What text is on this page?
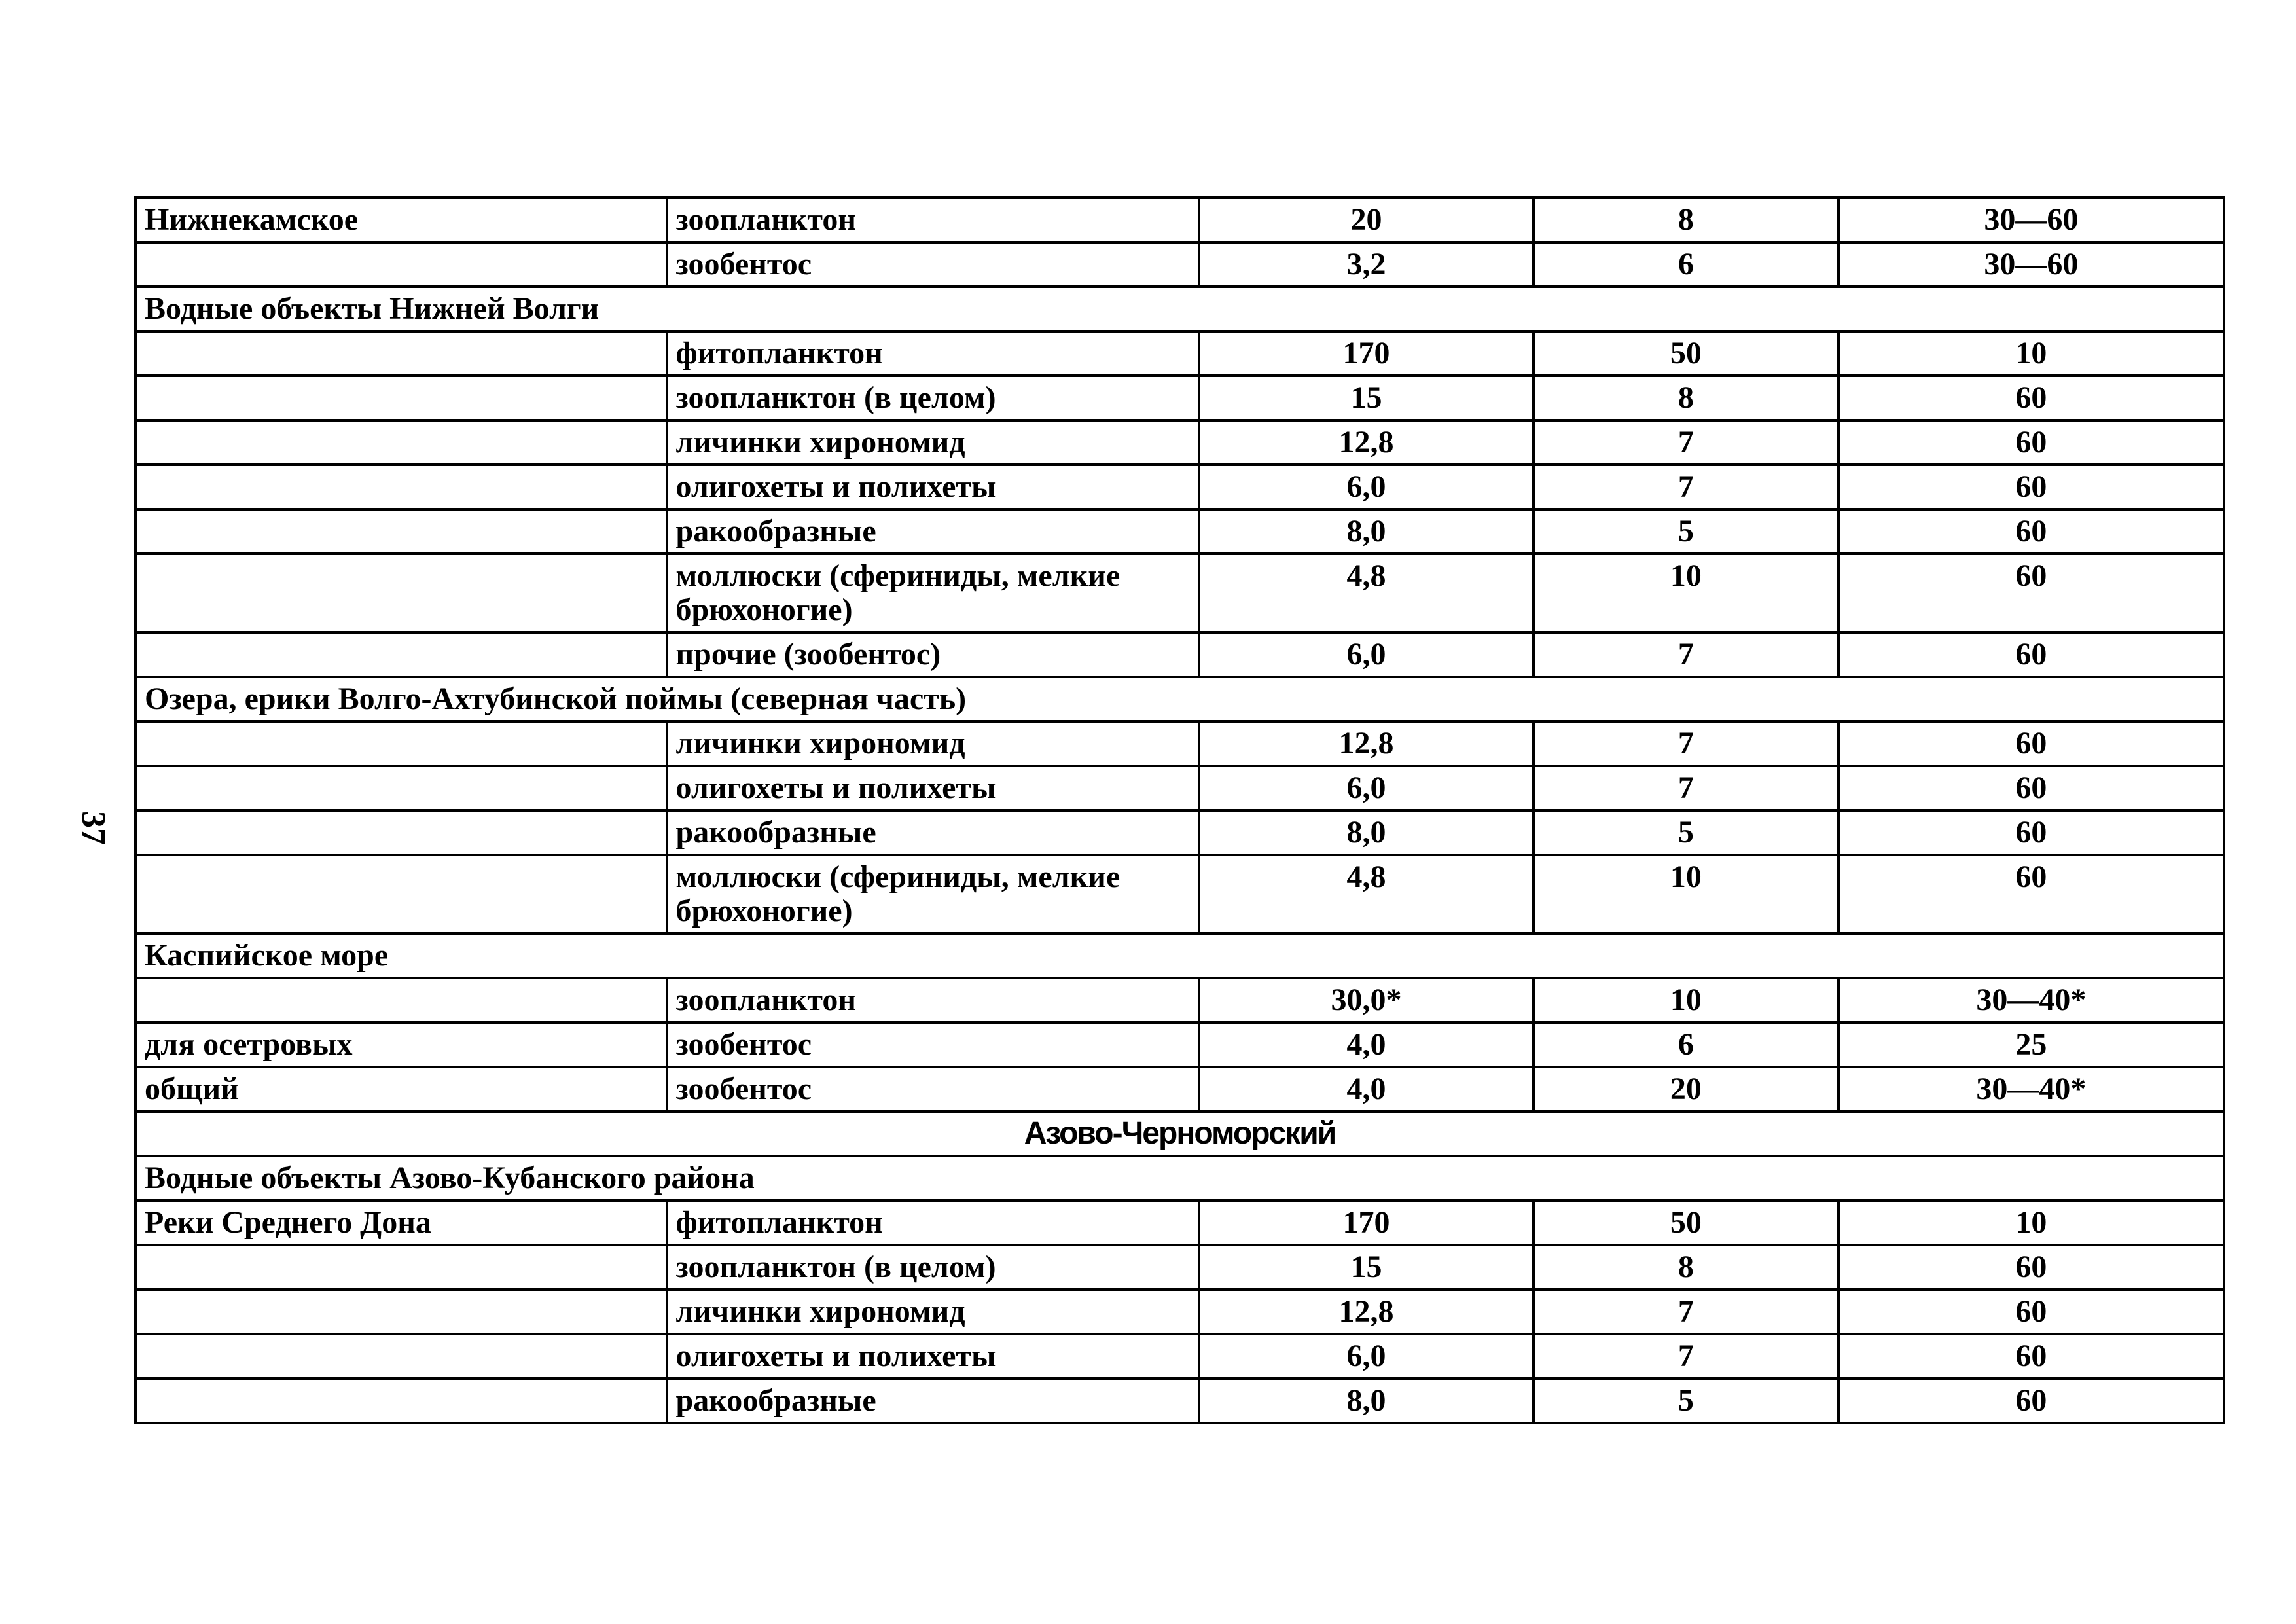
37
Нижнекамское	зоопланктон	20	8	30—60
	зообентос	3,2	6	30—60
Водные объекты Нижней Волги				
	фитопланктон	170	50	10
	зоопланктон (в целом)	15	8	60
	личинки хирономид	12,8	7	60
	олигохеты и полихеты	6,0	7	60
	ракообразные	8,0	5	60
	моллюски (сфериниды, мелкие брюхоногие)	4,8	10	60
	прочие (зообентос)	6,0	7	60
Озера, ерики Волго-Ахтубинской поймы (северная часть)				
	личинки хирономид	12,8	7	60
	олигохеты и полихеты	6,0	7	60
	ракообразные	8,0	5	60
	моллюски (сфериниды, мелкие брюхоногие)	4,8	10	60
Каспийское море				
	зоопланктон	30,0*	10	30—40*
для осетровых	зообентос	4,0	6	25
общий	зообентос	4,0	20	30—40*
Азово-Черноморский				
Водные объекты Азово-Кубанского района				
Реки Среднего Дона	фитопланктон	170	50	10
	зоопланктон (в целом)	15	8	60
	личинки хирономид	12,8	7	60
	олигохеты и полихеты	6,0	7	60
	ракообразные	8,0	5	60
